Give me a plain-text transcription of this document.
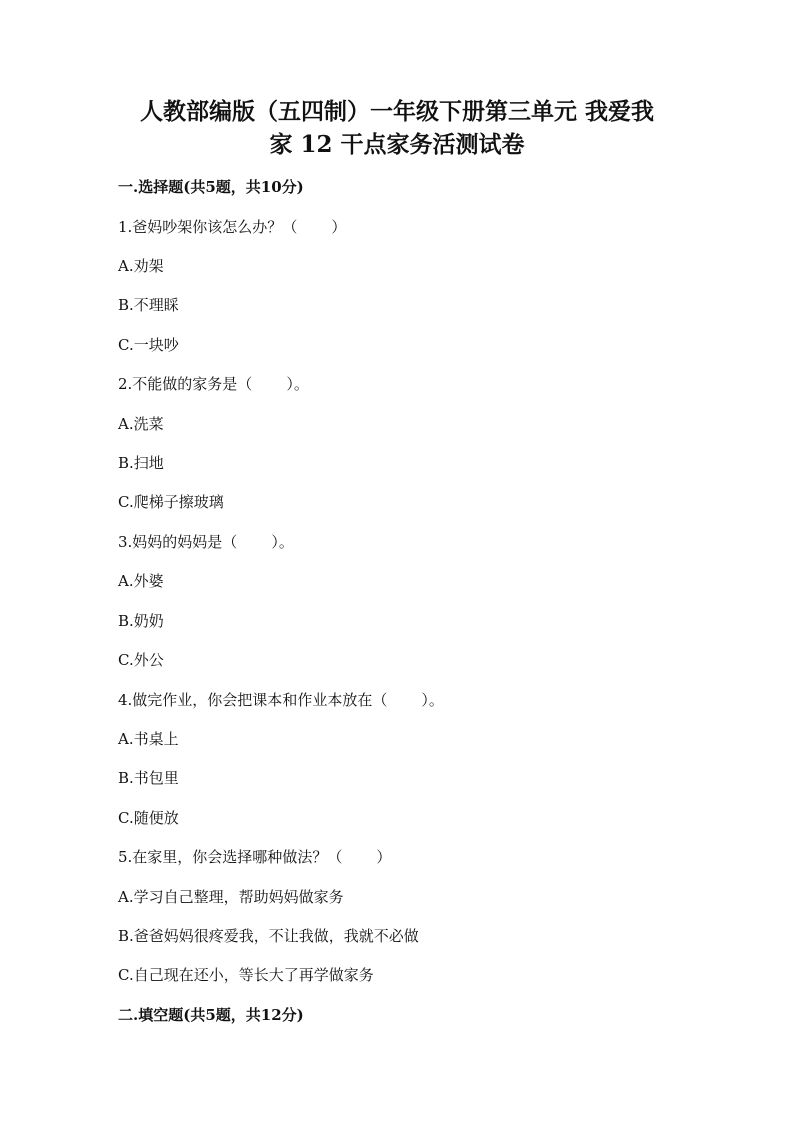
人教部编版（五四制）一年级下册第三单元 我爱我
家 12 干点家务活测试卷
一.选择题(共5题，共10分)
1.爸妈吵架你该怎么办？（ ）
A.劝架
B.不理睬
C.一块吵
2.不能做的家务是（ ）。
A.洗菜
B.扫地
C.爬梯子擦玻璃
3.妈妈的妈妈是（ ）。
A.外婆
B.奶奶
C.外公
4.做完作业，你会把课本和作业本放在（ ）。
A.书桌上
B.书包里
C.随便放
5.在家里，你会选择哪种做法？（ ）
A.学习自己整理，帮助妈妈做家务
B.爸爸妈妈很疼爱我，不让我做，我就不必做
C.自己现在还小，等长大了再学做家务
二.填空题(共5题，共12分)
